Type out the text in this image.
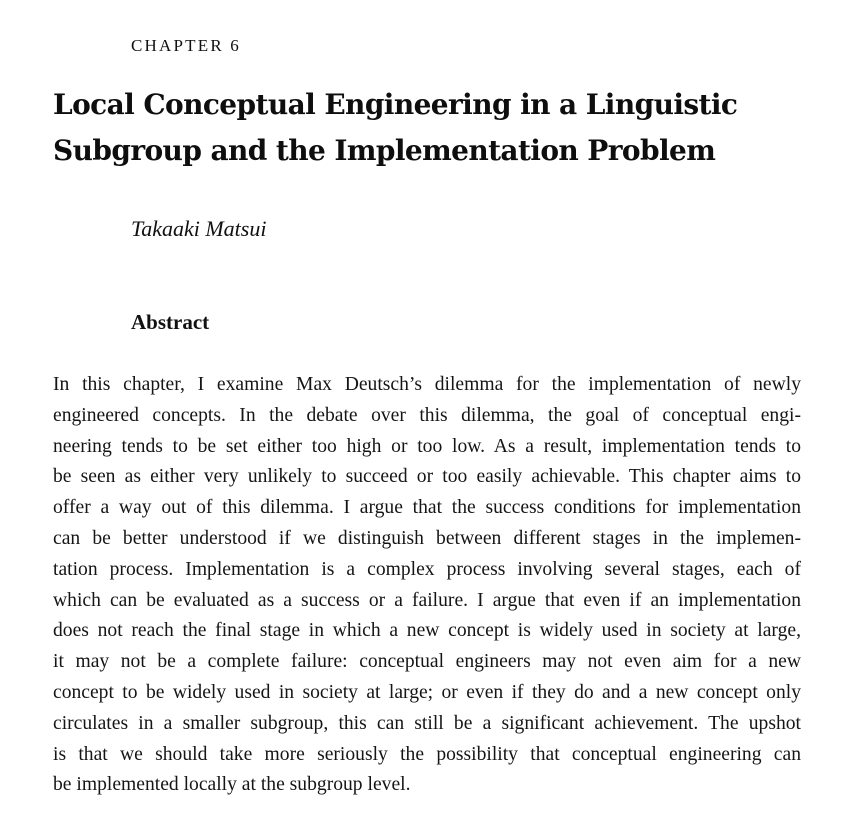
CHAPTER 6

Local Conceptual Engineering in a Linguistic
Subgroup and the Implementation Problem

Takaaki Matsui

Abstract
In this chapter, I examine Max Deutsch’s dilemma for the implementation of newly
engineered concepts. In the debate over this dilemma, the goal of conceptual engi-
neering tends to be set either too high or too low. As a result, implementation tends to
be seen as either very unlikely to succeed or too easily achievable. This chapter aims to
offer a way out of this dilemma. I argue that the success conditions for implementation
can be better understood if we distinguish between different stages in the implemen-
tation process. Implementation is a complex process involving several stages, each of
which can be evaluated as a success or a failure. I argue that even if an implementation
does not reach the final stage in which a new concept is widely used in society at large,
it may not be a complete failure: conceptual engineers may not even aim for a new
concept to be widely used in society at large; or even if they do and a new concept only
circulates in a smaller subgroup, this can still be a significant achievement. The upshot
is that we should take more seriously the possibility that conceptual engineering can
be implemented locally at the subgroup level.
